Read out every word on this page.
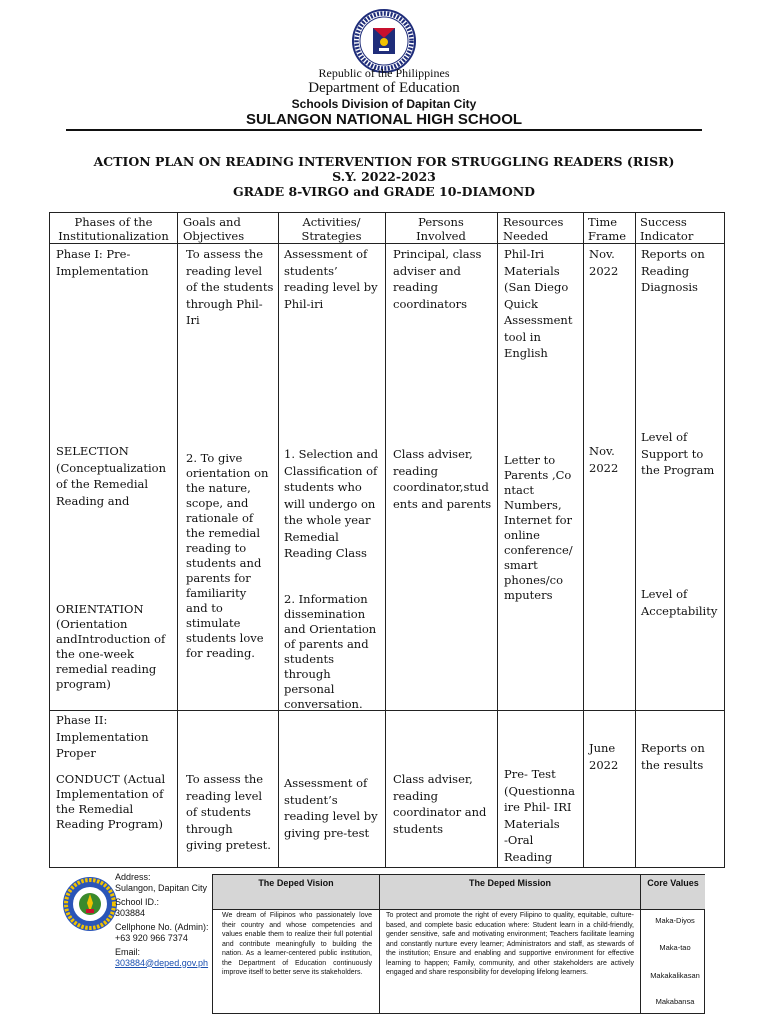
Republic of the Philippines
Department of Education
Schools Division of Dapitan City
SULANGON NATIONAL HIGH SCHOOL
ACTION PLAN ON READING INTERVENTION FOR STRUGGLING READERS (RISR)
S.Y. 2022-2023
GRADE 8-VIRGO and GRADE 10-DIAMOND
Phases of the
Institutionalization
Goals and
Objectives
Activities/
Strategies
Persons
Involved
Resources
Needed
Time
Frame
Success
Indicator
Phase I: Pre-
Implementation
To assess the
reading level
of the students
through Phil-
Iri
Assessment of
students’
reading level by
Phil-iri
Principal, class
adviser and
reading
coordinators
Phil-Iri
Materials
(San Diego
Quick
Assessment
tool in
English
Nov.
2022
Reports on
Reading
Diagnosis
SELECTION
(Conceptualization
of the Remedial
Reading and
ORIENTATION
(Orientation
andIntroduction of
the one-week
remedial reading
program)
2. To give
orientation on
the nature,
scope, and
rationale of
the remedial
reading to
students and
parents for
familiarity
and to
stimulate
students love
for reading.
1. Selection and
Classification of
students who
will undergo on
the whole year
Remedial
Reading Class
2. Information
dissemination
and Orientation
of parents and
students
through
personal
conversation.
Class adviser,
reading
coordinator,stud
ents and parents
Letter to
Parents ,Co
ntact
Numbers,
Internet for
online
conference/
smart
phones/co
mputers
Nov.
2022
Level of
Support to
the Program
Level of
Acceptability
Phase II:
Implementation
Proper
CONDUCT (Actual
Implementation of
the Remedial
Reading Program)
To assess the
reading level
of students
through
giving pretest.
Assessment of
student’s
reading level by
giving pre-test
Class adviser,
reading
coordinator and
students
Pre- Test
(Questionna
ire Phil- IRI
Materials
-Oral
Reading
June
2022
Reports on
the results
Address:
Sulangon, Dapitan City
School ID.:
303884
Cellphone No. (Admin):
+63 920 966 7374
Email:
303884@deped.gov.ph
The Deped Vision	The Deped Mission	Core Values
We dream of Filipinos who passionately love their country and whose competencies and values enable them to realize their full potential and contribute meaningfully to building the nation. As a learner-centered public institution, the Department of Education continuously improve itself to better serve its stakeholders.
To protect and promote the right of every Filipino to quality, equitable, culture-based, and complete basic education where: Student learn in a child-friendly, gender sensitive, safe and motivating environment; Teachers facilitate learning and constantly nurture every learner; Administrators and staff, as stewards of the institution; Ensure and enabling and supportive environment for effective learning to happen; Family, community, and other stakeholders are actively engaged and share responsibility for developing lifelong learners.
Maka-Diyos
Maka-tao
Makakalikasan
Makabansa
